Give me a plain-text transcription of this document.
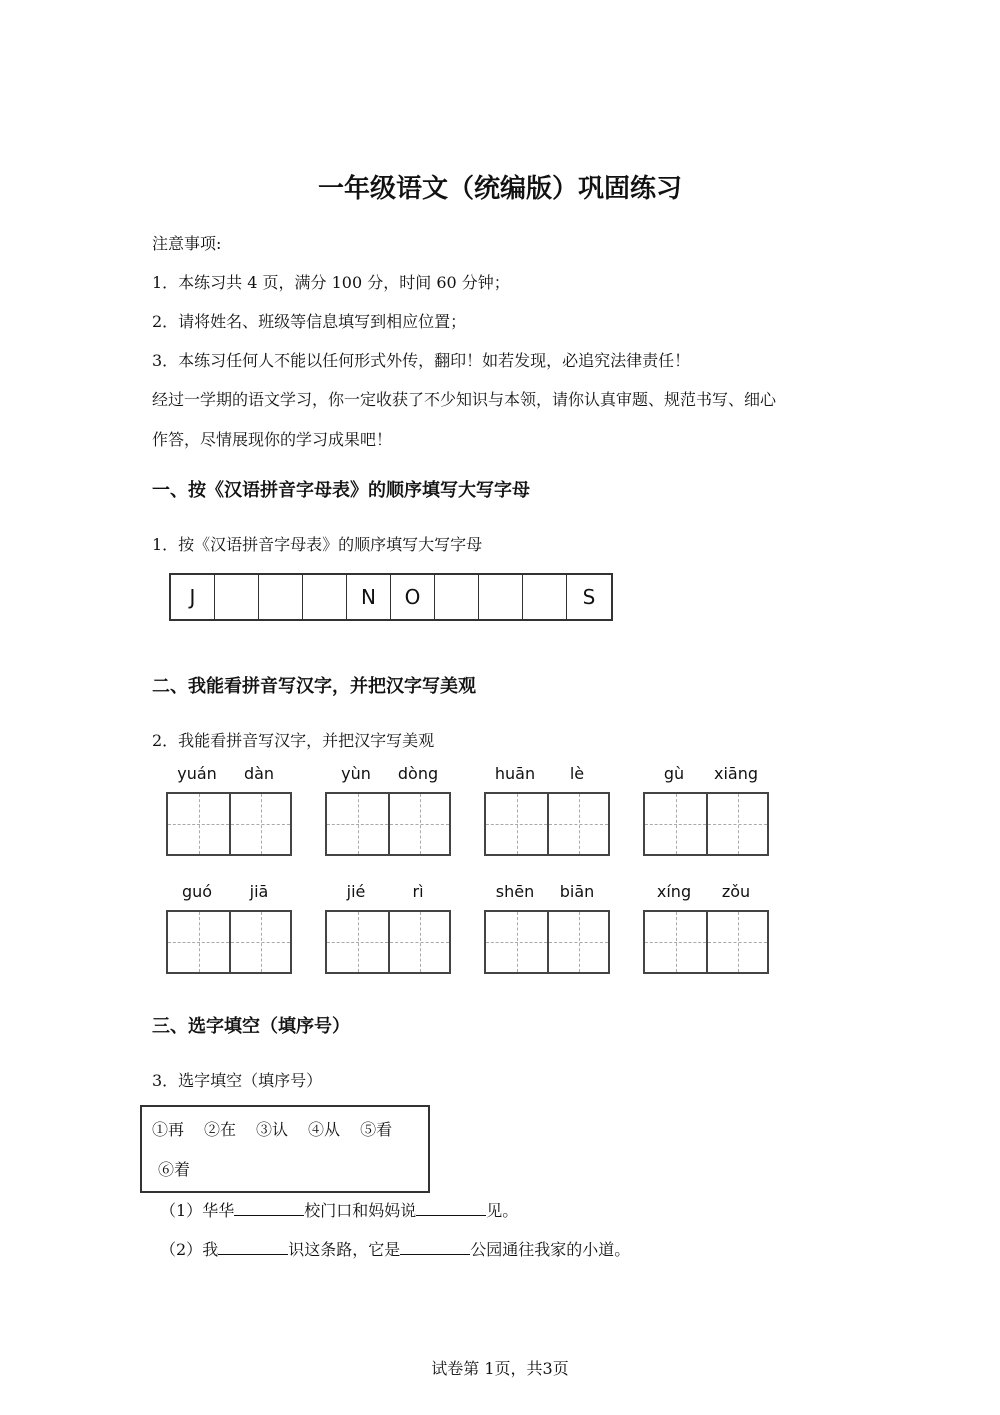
一年级语文（统编版）巩固练习
注意事项:
1．本练习共 4 页，满分 100 分，时间 60 分钟；
2．请将姓名、班级等信息填写到相应位置；
3．本练习任何人不能以任何形式外传，翻印！如若发现，必追究法律责任！
经过一学期的语文学习，你一定收获了不少知识与本领，请你认真审题、规范书写、细心
作答，尽情展现你的学习成果吧！
一、按《汉语拼音字母表》的顺序填写大写字母
1．按《汉语拼音字母表》的顺序填写大写字母
J	N	O	S
二、我能看拼音写汉字，并把汉字写美观
2．我能看拼音写汉字，并把汉字写美观
yuán	dàn	yùn	dòng	huān	lè	gù	xiāng
guó	jiā	jié	rì	shēn	biān	xíng	zǒu
三、选字填空（填序号）
3．选字填空（填序号）
①再 ②在 ③认 ④从 ⑤看
⑥着
（1）华华	校门口和妈妈说	见。
（2）我	识这条路，它是	公园通往我家的小道。
试卷第 1页，共3页
